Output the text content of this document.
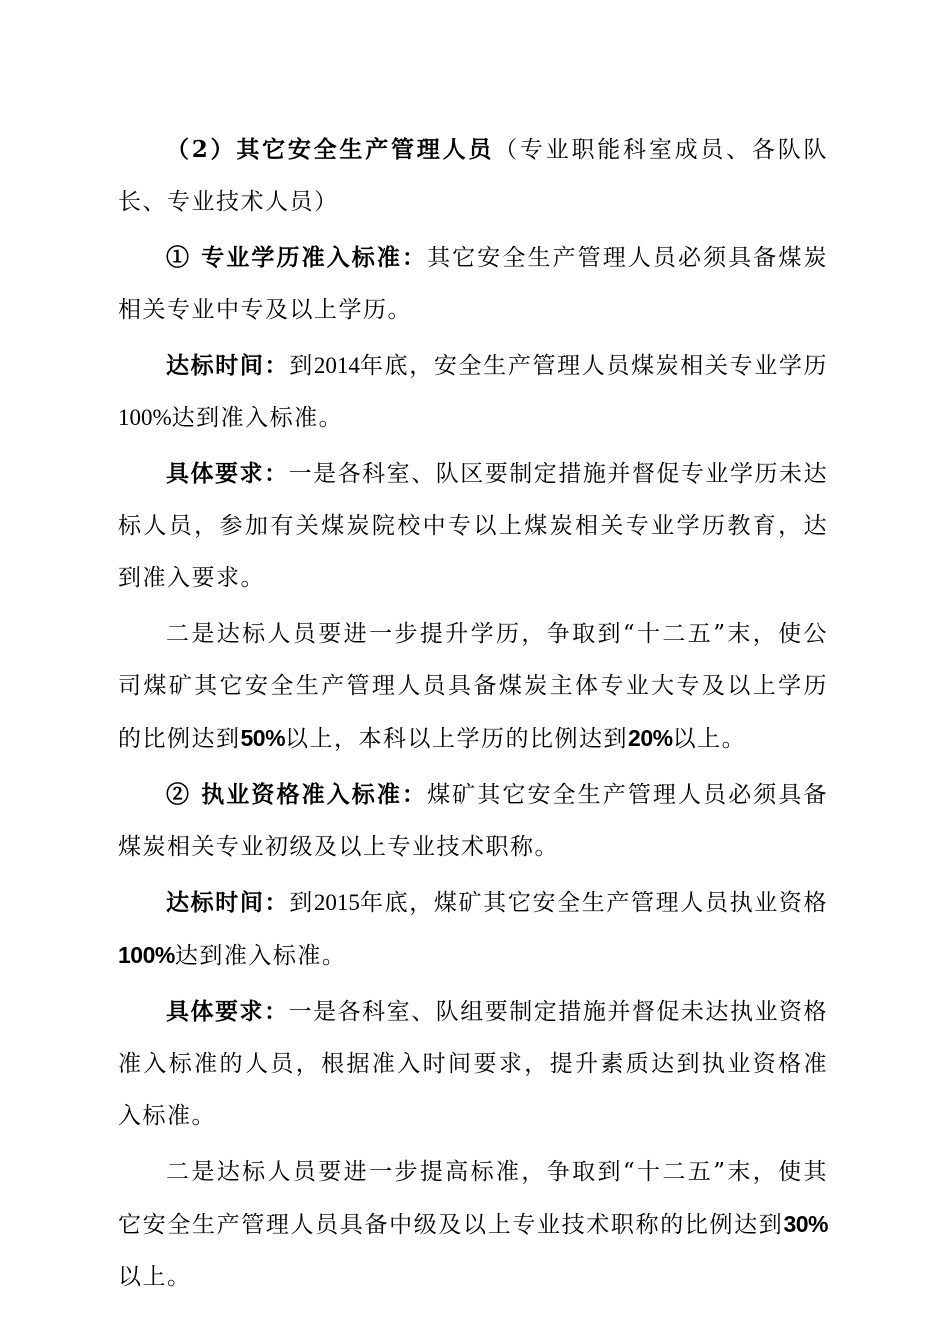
（2）其它安全生产管理人员（专业职能科室成员、各队队长、专业技术人员）

① 专业学历准入标准：其它安全生产管理人员必须具备煤炭相关专业中专及以上学历。

达标时间：到2014年底，安全生产管理人员煤炭相关专业学历100%达到准入标准。

具体要求：一是各科室、队区要制定措施并督促专业学历未达标人员，参加有关煤炭院校中专以上煤炭相关专业学历教育，达到准入要求。

二是达标人员要进一步提升学历，争取到“十二五”末，使公司煤矿其它安全生产管理人员具备煤炭主体专业大专及以上学历的比例达到50%以上，本科以上学历的比例达到20%以上。

② 执业资格准入标准：煤矿其它安全生产管理人员必须具备煤炭相关专业初级及以上专业技术职称。

达标时间：到2015年底，煤矿其它安全生产管理人员执业资格100%达到准入标准。

具体要求：一是各科室、队组要制定措施并督促未达执业资格准入标准的人员，根据准入时间要求，提升素质达到执业资格准入标准。

二是达标人员要进一步提高标准，争取到“十二五”末，使其它安全生产管理人员具备中级及以上专业技术职称的比例达到30%以上。
